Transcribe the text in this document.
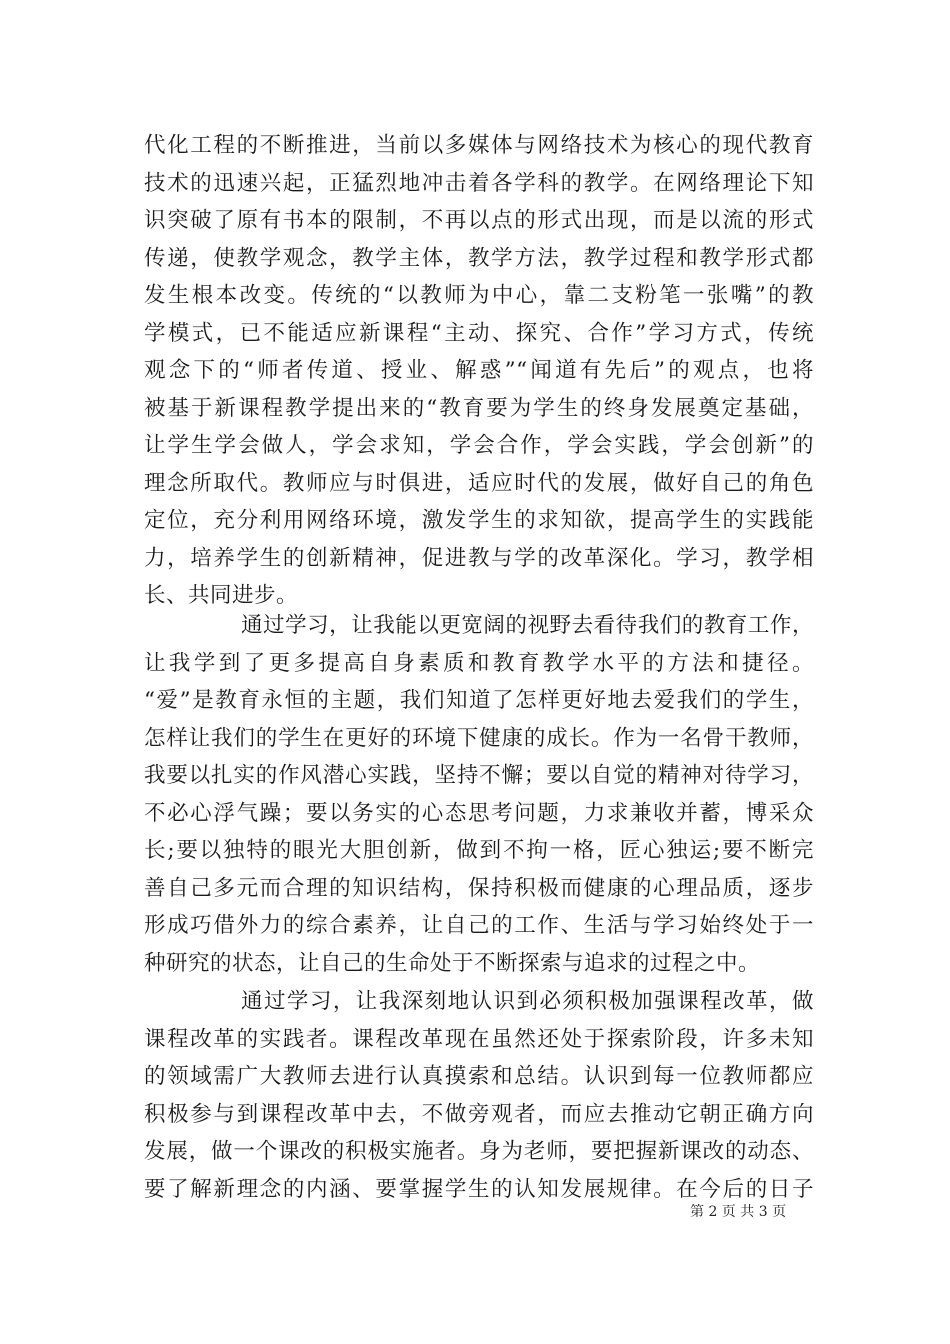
代化工程的不断推进，当前以多媒体与网络技术为核心的现代教育
技术的迅速兴起，正猛烈地冲击着各学科的教学。在网络理论下知
识突破了原有书本的限制，不再以点的形式出现，而是以流的形式
传递，使教学观念，教学主体，教学方法，教学过程和教学形式都
发生根本改变。传统的“以教师为中心，靠二支粉笔一张嘴”的教
学模式，已不能适应新课程“主动、探究、合作”学习方式，传统
观念下的“师者传道、授业、解惑”“闻道有先后”的观点，也将
被基于新课程教学提出来的“教育要为学生的终身发展奠定基础，
让学生学会做人，学会求知，学会合作，学会实践，学会创新”的
理念所取代。教师应与时俱进，适应时代的发展，做好自己的角色
定位，充分利用网络环境，激发学生的求知欲，提高学生的实践能
力，培养学生的创新精神，促进教与学的改革深化。学习，教学相
长、共同进步。
通过学习，让我能以更宽阔的视野去看待我们的教育工作，
让我学到了更多提高自身素质和教育教学水平的方法和捷径。
“爱”是教育永恒的主题，我们知道了怎样更好地去爱我们的学生，
怎样让我们的学生在更好的环境下健康的成长。作为一名骨干教师，
我要以扎实的作风潜心实践，坚持不懈；要以自觉的精神对待学习，
不必心浮气躁；要以务实的心态思考问题，力求兼收并蓄，博采众
长;要以独特的眼光大胆创新，做到不拘一格，匠心独运;要不断完
善自己多元而合理的知识结构，保持积极而健康的心理品质，逐步
形成巧借外力的综合素养，让自己的工作、生活与学习始终处于一
种研究的状态，让自己的生命处于不断探索与追求的过程之中。
通过学习，让我深刻地认识到必须积极加强课程改革，做
课程改革的实践者。课程改革现在虽然还处于探索阶段，许多未知
的领域需广大教师去进行认真摸索和总结。认识到每一位教师都应
积极参与到课程改革中去，不做旁观者，而应去推动它朝正确方向
发展，做一个课改的积极实施者。身为老师，要把握新课改的动态、
要了解新理念的内涵、要掌握学生的认知发展规律。在今后的日子
第 2 页 共 3 页
